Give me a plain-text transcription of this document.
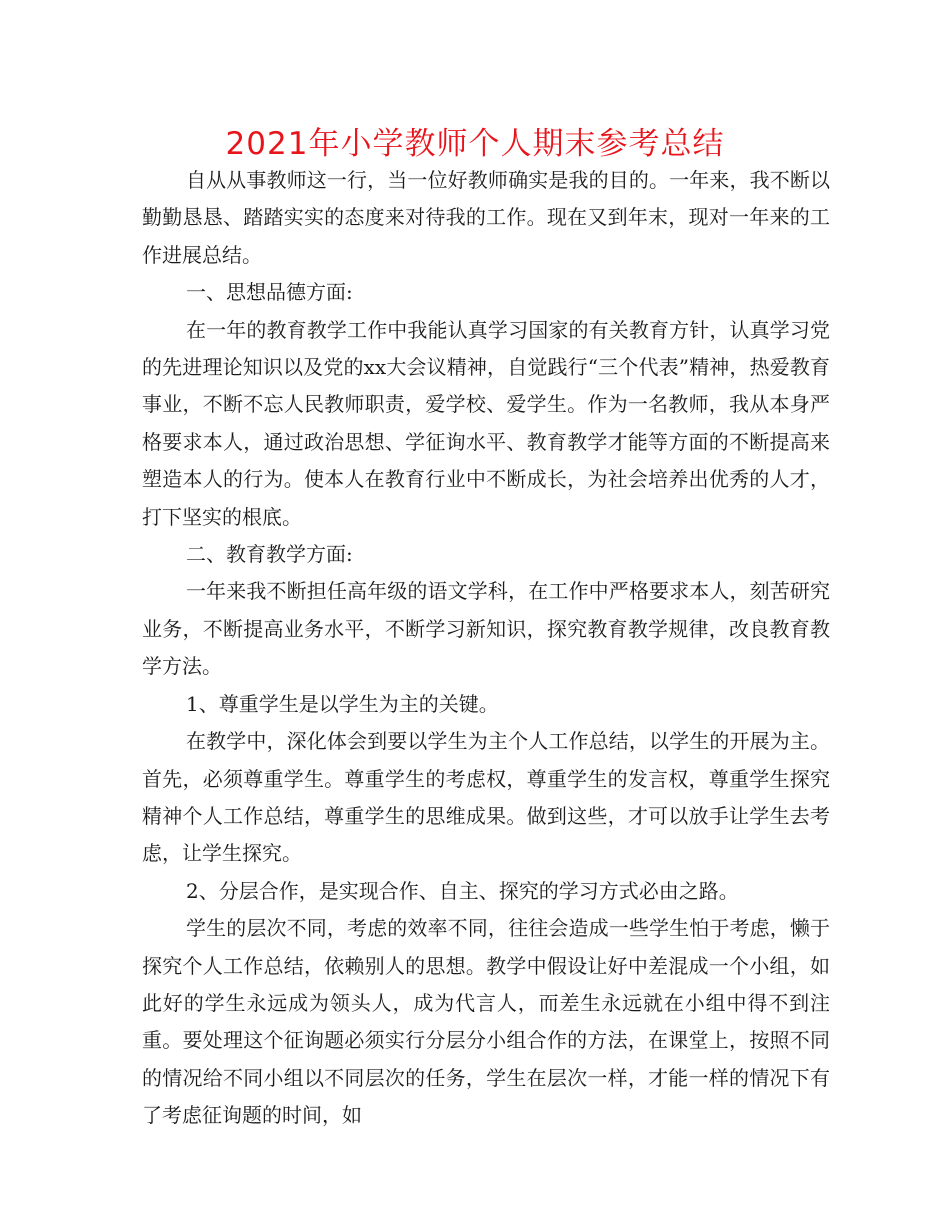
2021年小学教师个人期末参考总结

自从从事教师这一行，当一位好教师确实是我的目的。一年来，我不断以勤勤恳恳、踏踏实实的态度来对待我的工作。现在又到年末，现对一年来的工作进展总结。

一、思想品德方面:

在一年的教育教学工作中我能认真学习国家的有关教育方针，认真学习党的先进理论知识以及党的xx大会议精神，自觉践行“三个代表”精神，热爱教育事业，不断不忘人民教师职责，爱学校、爱学生。作为一名教师，我从本身严格要求本人，通过政治思想、学征询水平、教育教学才能等方面的不断提高来塑造本人的行为。使本人在教育行业中不断成长，为社会培养出优秀的人才，打下坚实的根底。

二、教育教学方面:

一年来我不断担任高年级的语文学科，在工作中严格要求本人，刻苦研究业务，不断提高业务水平，不断学习新知识，探究教育教学规律，改良教育教学方法。

1、尊重学生是以学生为主的关键。

在教学中，深化体会到要以学生为主个人工作总结，以学生的开展为主。首先，必须尊重学生。尊重学生的考虑权，尊重学生的发言权，尊重学生探究精神个人工作总结，尊重学生的思维成果。做到这些，才可以放手让学生去考虑，让学生探究。

2、分层合作，是实现合作、自主、探究的学习方式必由之路。

学生的层次不同，考虑的效率不同，往往会造成一些学生怕于考虑，懒于探究个人工作总结，依赖别人的思想。教学中假设让好中差混成一个小组，如此好的学生永远成为领头人，成为代言人，而差生永远就在小组中得不到注重。要处理这个征询题必须实行分层分小组合作的方法，在课堂上，按照不同的情况给不同小组以不同层次的任务，学生在层次一样，才能一样的情况下有了考虑征询题的时间，如
